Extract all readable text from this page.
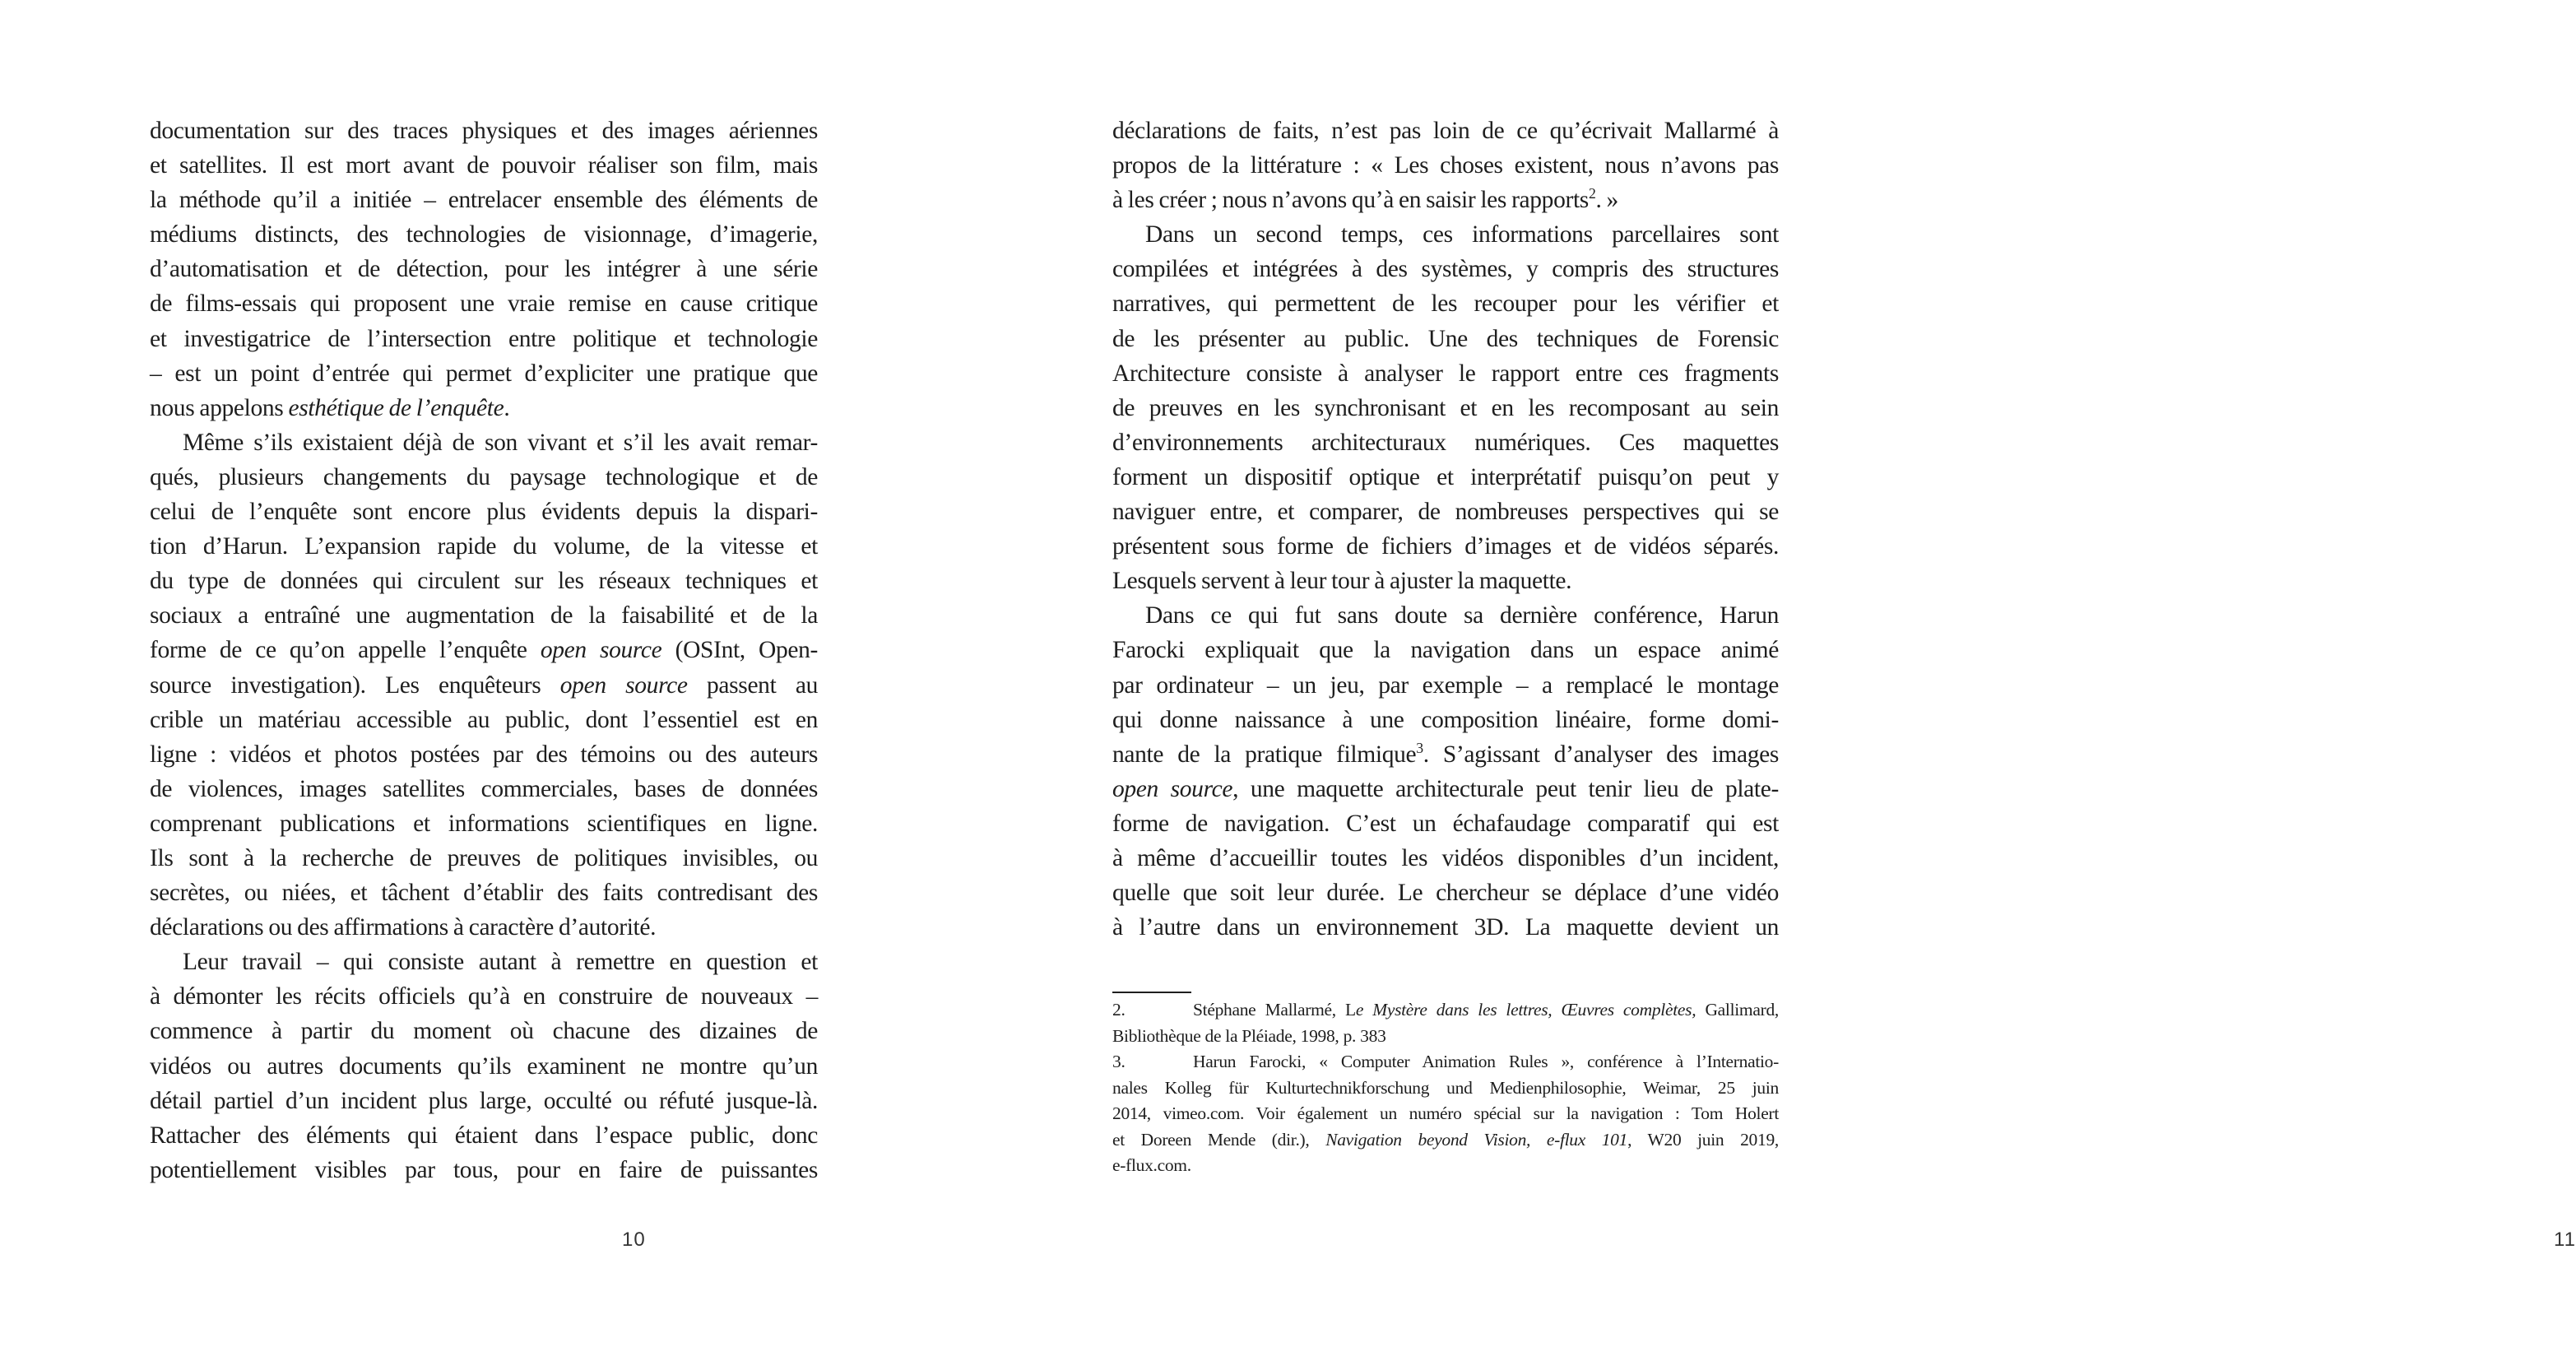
documentation sur des traces physiques et des images aériennes
et satellites. Il est mort avant de pouvoir réaliser son film, mais
la méthode qu’il a initiée – entrelacer ensemble des éléments de
médiums distincts, des technologies de visionnage, d’imagerie,
d’automatisation et de détection, pour les intégrer à une série
de films-essais qui proposent une vraie remise en cause critique
et investigatrice de l’intersection entre politique et technologie
– est un point d’entrée qui permet d’expliciter une pratique que
nous appelons esthétique de l’enquête.
Même s’ils existaient déjà de son vivant et s’il les avait remar-
qués, plusieurs changements du paysage technologique et de
celui de l’enquête sont encore plus évidents depuis la dispari-
tion d’Harun. L’expansion rapide du volume, de la vitesse et
du type de données qui circulent sur les réseaux techniques et
sociaux a entraîné une augmentation de la faisabilité et de la
forme de ce qu’on appelle l’enquête open source (OSInt, Open-
source investigation). Les enquêteurs open source passent au
crible un matériau accessible au public, dont l’essentiel est en
ligne : vidéos et photos postées par des témoins ou des auteurs
de violences, images satellites commerciales, bases de données
comprenant publications et informations scientifiques en ligne.
Ils sont à la recherche de preuves de politiques invisibles, ou
secrètes, ou niées, et tâchent d’établir des faits contredisant des
déclarations ou des affirmations à caractère d’autorité.
Leur travail – qui consiste autant à remettre en question et
à démonter les récits officiels qu’à en construire de nouveaux –
commence à partir du moment où chacune des dizaines de
vidéos ou autres documents qu’ils examinent ne montre qu’un
détail partiel d’un incident plus large, occulté ou réfuté jusque-là.
Rattacher des éléments qui étaient dans l’espace public, donc
potentiellement visibles par tous, pour en faire de puissantes
10
déclarations de faits, n’est pas loin de ce qu’écrivait Mallarmé à
propos de la littérature : « Les choses existent, nous n’avons pas
à les créer ; nous n’avons qu’à en saisir les rapports$^2$. »
Dans un second temps, ces informations parcellaires sont
compilées et intégrées à des systèmes, y compris des structures
narratives, qui permettent de les recouper pour les vérifier et
de les présenter au public. Une des techniques de Forensic
Architecture consiste à analyser le rapport entre ces fragments
de preuves en les synchronisant et en les recomposant au sein
d’environnements architecturaux numériques. Ces maquettes
forment un dispositif optique et interprétatif puisqu’on peut y
naviguer entre, et comparer, de nombreuses perspectives qui se
présentent sous forme de fichiers d’images et de vidéos séparés.
Lesquels servent à leur tour à ajuster la maquette.
Dans ce qui fut sans doute sa dernière conférence, Harun
Farocki expliquait que la navigation dans un espace animé
par ordinateur – un jeu, par exemple – a remplacé le montage
qui donne naissance à une composition linéaire, forme domi-
nante de la pratique filmique$^3$. S’agissant d’analyser des images
open source, une maquette architecturale peut tenir lieu de plate-
forme de navigation. C’est un échafaudage comparatif qui est
à même d’accueillir toutes les vidéos disponibles d’un incident,
quelle que soit leur durée. Le chercheur se déplace d’une vidéo
à l’autre dans un environnement 3D. La maquette devient un
2.	Stéphane Mallarmé, Le Mystère dans les lettres, Œuvres complètes, Gallimard,
Bibliothèque de la Pléiade, 1998, p. 383
3.	Harun Farocki, « Computer Animation Rules », conférence à l’Internatio-
nales Kolleg für Kulturtechnikforschung und Medienphilosophie, Weimar, 25 juin
2014, vimeo.com. Voir également un numéro spécial sur la navigation : Tom Holert
et Doreen Mende (dir.), Navigation beyond Vision, e-flux 101, W20 juin 2019,
e-flux.com.
11
